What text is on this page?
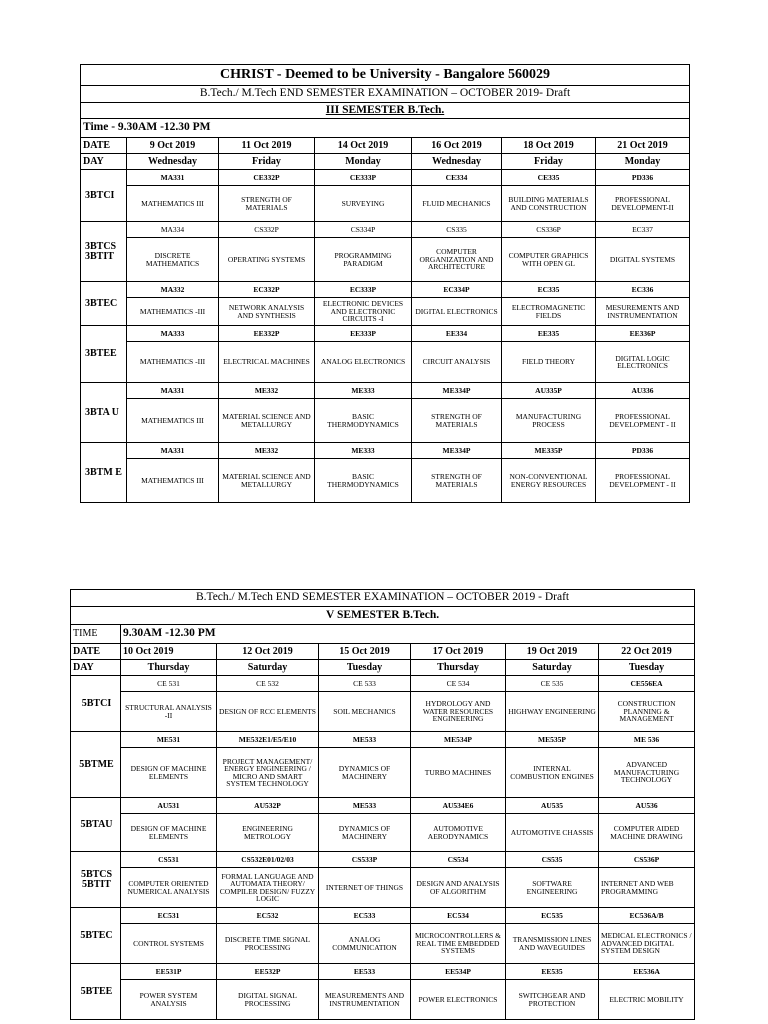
CHRIST - Deemed to be University - Bangalore 560029						
B.Tech./ M.Tech END SEMESTER EXAMINATION – OCTOBER 2019- Draft						
III SEMESTER B.Tech.						
Time - 9.30AM -12.30 PM						
DATE	9 Oct 2019	11 Oct 2019	14 Oct 2019	16 Oct 2019	18 Oct 2019	21 Oct 2019
DAY	Wednesday	Friday	Monday	Wednesday	Friday	Monday
3BTCI	MA331	CE332P	CE333P	CE334	CE335	PD336
	MATHEMATICS III	STRENGTH OF MATERIALS	SURVEYING	FLUID MECHANICS	BUILDING MATERIALS AND CONSTRUCTION	PROFESSIONAL DEVELOPMENT-II
3BTCS 3BTIT	MA334	CS332P	CS334P	CS335	CS336P	EC337
	DISCRETE MATHEMATICS	OPERATING SYSTEMS	PROGRAMMING PARADIGM	COMPUTER ORGANIZATION AND ARCHITECTURE	COMPUTER GRAPHICS WITH OPEN GL	DIGITAL SYSTEMS
3BTEC	MA332	EC332P	EC333P	EC334P	EC335	EC336
	MATHEMATICS -III	NETWORK ANALYSIS AND SYNTHESIS	ELECTRONIC DEVICES AND ELECTRONIC CIRCUITS -I	DIGITAL ELECTRONICS	ELECTROMAGNETIC FIELDS	MESUREMENTS AND INSTRUMENTATION
3BTEE	MA333	EE332P	EE333P	EE334	EE335	EE336P
	MATHEMATICS -III	ELECTRICAL MACHINES	ANALOG ELECTRONICS	CIRCUIT ANALYSIS	FIELD THEORY	DIGITAL LOGIC ELECTRONICS
3BTA U	MA331	ME332	ME333	ME334P	AU335P	AU336
	MATHEMATICS III	MATERIAL SCIENCE AND METALLURGY	BASIC THERMODYNAMICS	STRENGTH OF MATERIALS	MANUFACTURING PROCESS	PROFESSIONAL DEVELOPMENT - II
3BTM E	MA331	ME332	ME333	ME334P	ME335P	PD336
	MATHEMATICS III	MATERIAL SCIENCE AND METALLURGY	BASIC THERMODYNAMICS	STRENGTH OF MATERIALS	NON-CONVENTIONAL ENERGY RESOURCES	PROFESSIONAL DEVELOPMENT - II
B.Tech./ M.Tech END SEMESTER EXAMINATION – OCTOBER 2019 - Draft						
V SEMESTER B.Tech.						
TIME	9.30AM -12.30 PM					
DATE	10 Oct 2019	12 Oct 2019	15 Oct 2019	17 Oct 2019	19 Oct 2019	22 Oct 2019
DAY	Thursday	Saturday	Tuesday	Thursday	Saturday	Tuesday
5BTCI	CE 531	CE 532	CE 533	CE 534	CE 535	CE556EA
	STRUCTURAL ANALYSIS -II	DESIGN OF RCC ELEMENTS	SOIL MECHANICS	HYDROLOGY AND WATER RESOURCES ENGINEERING	HIGHWAY ENGINEERING	CONSTRUCTION PLANNING & MANAGEMENT
5BTME	ME531	ME532E1/E5/E10	ME533	ME534P	ME535P	ME 536
	DESIGN OF MACHINE ELEMENTS	PROJECT MANAGEMENT/ ENERGY ENGINEERING / MICRO AND SMART SYSTEM TECHNOLOGY	DYNAMICS OF MACHINERY	TURBO MACHINES	INTERNAL COMBUSTION ENGINES	ADVANCED MANUFACTURING TECHNOLOGY
5BTAU	AU531	AU532P	ME533	AU534E6	AU535	AU536
	DESIGN OF MACHINE ELEMENTS	ENGINEERING METROLOGY	DYNAMICS OF MACHINERY	AUTOMOTIVE AERODYNAMICS	AUTOMOTIVE CHASSIS	COMPUTER AIDED MACHINE DRAWING
5BTCS 5BTIT	CS531	CS532E01/02/03	CS533P	CS534	CS535	CS536P
	COMPUTER ORIENTED NUMERICAL ANALYSIS	FORMAL LANGUAGE AND AUTOMATA THEORY/ COMPILER DESIGN/ FUZZY LOGIC	INTERNET OF THINGS	DESIGN AND ANALYSIS OF ALGORITHM	SOFTWARE ENGINEERING	INTERNET AND WEB PROGRAMMING
5BTEC	EC531	EC532	EC533	EC534	EC535	EC536A/B
	CONTROL SYSTEMS	DISCRETE TIME SIGNAL PROCESSING	ANALOG COMMUNICATION	MICROCONTROLLERS & REAL TIME EMBEDDED SYSTEMS	TRANSMISSION LINES AND WAVEGUIDES	MEDICAL ELECTRONICS / ADVANCED DIGITAL SYSTEM DESIGN
5BTEE	EE531P	EE532P	EE533	EE534P	EE535	EE536A
	POWER SYSTEM ANALYSIS	DIGITAL SIGNAL PROCESSING	MEASUREMENTS AND INSTRUMENTATION	POWER ELECTRONICS	SWITCHGEAR AND PROTECTION	ELECTRIC MOBILITY
